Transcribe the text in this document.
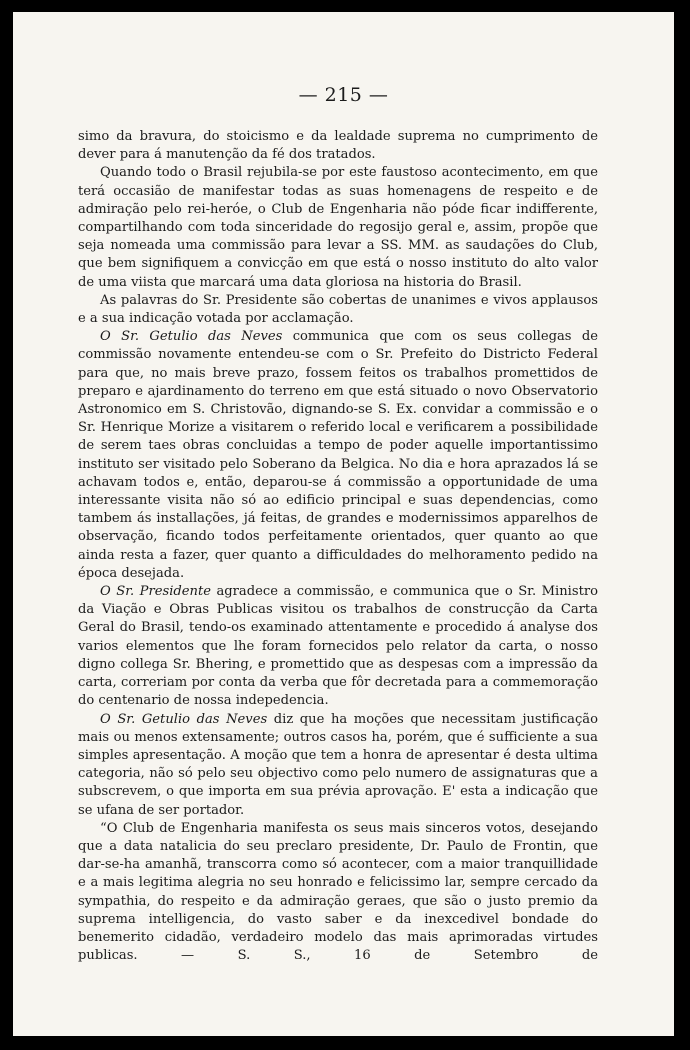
— 215 —

simo da bravura, do stoicismo e da lealdade suprema no cumprimento de dever para á manutenção da fé dos tratados.

Quando todo o Brasil rejubila-se por este faustoso acontecimento, em que terá occasião de manifestar todas as suas homenagens de respeito e de admiração pelo rei-heróe, o Club de Engenharia não póde ficar indifferente, compartilhando com toda sinceridade do regosijo geral e, assim, propõe que seja nomeada uma commissão para levar a SS. MM. as saudações do Club, que bem signifiquem a convicção em que está o nosso instituto do alto valor de uma viista que marcará uma data gloriosa na historia do Brasil.

As palavras do Sr. Presidente são cobertas de unanimes e vivos applausos e a sua indicação votada por acclamação.

O Sr. Getulio das Neves communica que com os seus collegas de commissão novamente entendeu-se com o Sr. Prefeito do Districto Federal para que, no mais breve prazo, fossem feitos os trabalhos promettidos de preparo e ajardinamento do terreno em que está situado o novo Observatorio Astronomico em S. Christovão, dignando-se S. Ex. convidar a commissão e o Sr. Henrique Morize a visitarem o referido local e verificarem a possibilidade de serem taes obras concluidas a tempo de poder aquelle importantissimo instituto ser visitado pelo Soberano da Belgica. No dia e hora aprazados lá se achavam todos e, então, deparou-se á commissão a opportunidade de uma interessante visita não só ao edificio principal e suas dependencias, como tambem ás installações, já feitas, de grandes e modernissimos apparelhos de observação, ficando todos perfeitamente orientados, quer quanto ao que ainda resta a fazer, quer quanto a difficuldades do melhoramento pedido na época desejada.

O Sr. Presidente agradece a commissão, e communica que o Sr. Ministro da Viação e Obras Publicas visitou os trabalhos de construcção da Carta Geral do Brasil, tendo-os examinado attentamente e procedido á analyse dos varios elementos que lhe foram fornecidos pelo relator da carta, o nosso digno collega Sr. Bhering, e promettido que as despesas com a impressão da carta, correriam por conta da verba que fôr decretada para a commemoração do centenario de nossa indepedencia.

O Sr. Getulio das Neves diz que ha moções que necessitam justificação mais ou menos extensamente; outros casos ha, porém, que é sufficiente a sua simples apresentação. A moção que tem a honra de apresentar é desta ultima categoria, não só pelo seu objectivo como pelo numero de assignaturas que a subscrevem, o que importa em sua prévia aprovação. E' esta a indicação que se ufana de ser portador.

“O Club de Engenharia manifesta os seus mais sinceros votos, desejando que a data natalicia do seu preclaro presidente, Dr. Paulo de Frontin, que dar-se-ha amanhã, transcorra como só acontecer, com a maior tranquillidade e a mais legitima alegria no seu honrado e felicissimo lar, sempre cercado da sympathia, do respeito e da admiração geraes, que são o justo premio da suprema intelligencia, do vasto saber e da inexcedivel bondade do benemerito cidadão, verdadeiro modelo das mais aprimoradas virtudes publicas. — S. S., 16 de Setembro de
